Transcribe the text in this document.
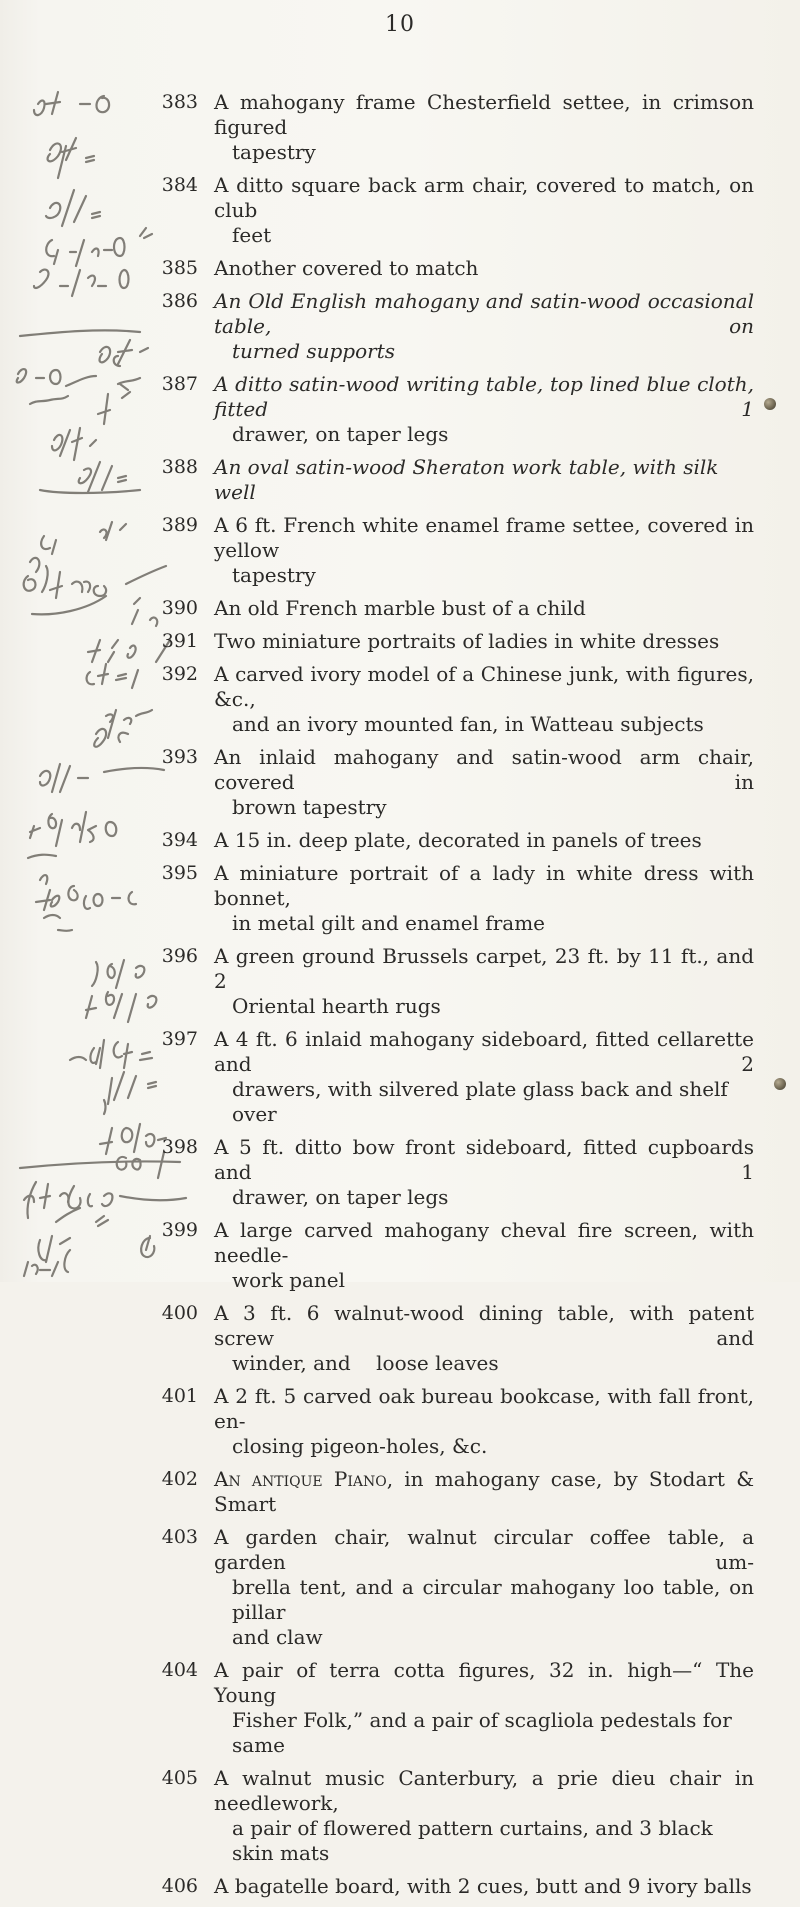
10
383 A mahogany frame Chesterfield settee, in crimson figured
tapestry
384 A ditto square back arm chair, covered to match, on club
feet
385 Another covered to match
386 An Old English mahogany and satin-wood occasional table, on
turned supports
387 A ditto satin-wood writing table, top lined blue cloth, fitted 1
drawer, on taper legs
388 An oval satin-wood Sheraton work table, with silk well
389 A 6 ft. French white enamel frame settee, covered in yellow
tapestry
390 An old French marble bust of a child
391 Two miniature portraits of ladies in white dresses
392 A carved ivory model of a Chinese junk, with figures, &c.,
and an ivory mounted fan, in Watteau subjects
393 An inlaid mahogany and satin-wood arm chair, covered in
brown tapestry
394 A 15 in. deep plate, decorated in panels of trees
395 A miniature portrait of a lady in white dress with bonnet,
in metal gilt and enamel frame
396 A green ground Brussels carpet, 23 ft. by 11 ft., and 2
Oriental hearth rugs
397 A 4 ft. 6 inlaid mahogany sideboard, fitted cellarette and 2
drawers, with silvered plate glass back and shelf over
398 A 5 ft. ditto bow front sideboard, fitted cupboards and 1
drawer, on taper legs
399 A large carved mahogany cheval fire screen, with needle-
work panel
400 A 3 ft. 6 walnut-wood dining table, with patent screw and
winder, and    loose leaves
401 A 2 ft. 5 carved oak bureau bookcase, with fall front, en-
closing pigeon-holes, &c.
402 An antique Piano, in mahogany case, by Stodart & Smart
403 A garden chair, walnut circular coffee table, a garden um-
brella tent, and a circular mahogany loo table, on pillar
and claw
404 A pair of terra cotta figures, 32 in. high—“ The Young
Fisher Folk,” and a pair of scagliola pedestals for same
405 A walnut music Canterbury, a prie dieu chair in needlework,
a pair of flowered pattern curtains, and 3 black skin mats
406 A bagatelle board, with 2 cues, butt and 9 ivory balls
